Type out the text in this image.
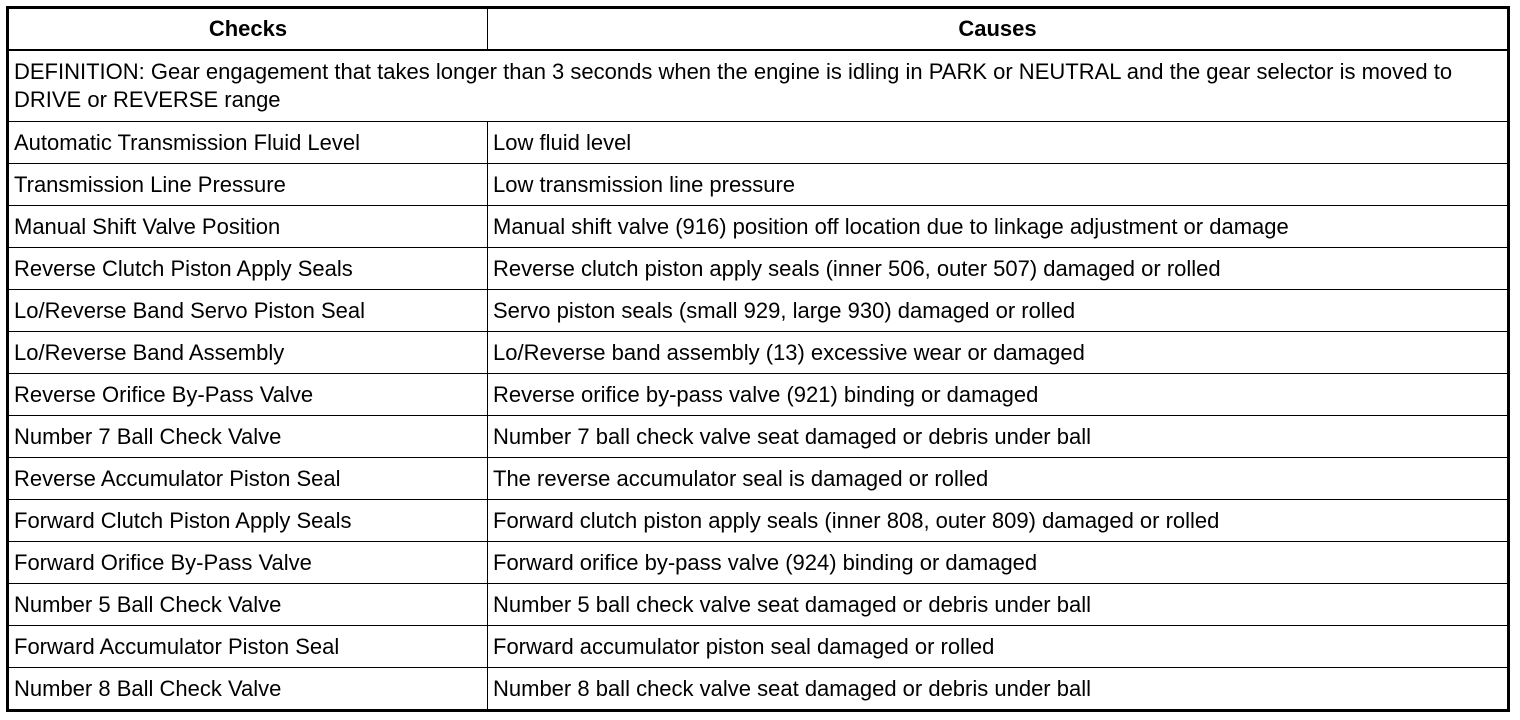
Checks	Causes
DEFINITION: Gear engagement that takes longer than 3 seconds when the engine is idling in PARK or NEUTRAL and the gear selector is moved to DRIVE or REVERSE range	
Automatic Transmission Fluid Level	Low fluid level
Transmission Line Pressure	Low transmission line pressure
Manual Shift Valve Position	Manual shift valve (916) position off location due to linkage adjustment or damage
Reverse Clutch Piston Apply Seals	Reverse clutch piston apply seals (inner 506, outer 507) damaged or rolled
Lo/Reverse Band Servo Piston Seal	Servo piston seals (small 929, large 930) damaged or rolled
Lo/Reverse Band Assembly	Lo/Reverse band assembly (13) excessive wear or damaged
Reverse Orifice By-Pass Valve	Reverse orifice by-pass valve (921) binding or damaged
Number 7 Ball Check Valve	Number 7 ball check valve seat damaged or debris under ball
Reverse Accumulator Piston Seal	The reverse accumulator seal is damaged or rolled
Forward Clutch Piston Apply Seals	Forward clutch piston apply seals (inner 808, outer 809) damaged or rolled
Forward Orifice By-Pass Valve	Forward orifice by-pass valve (924) binding or damaged
Number 5 Ball Check Valve	Number 5 ball check valve seat damaged or debris under ball
Forward Accumulator Piston Seal	Forward accumulator piston seal damaged or rolled
Number 8 Ball Check Valve	Number 8 ball check valve seat damaged or debris under ball
